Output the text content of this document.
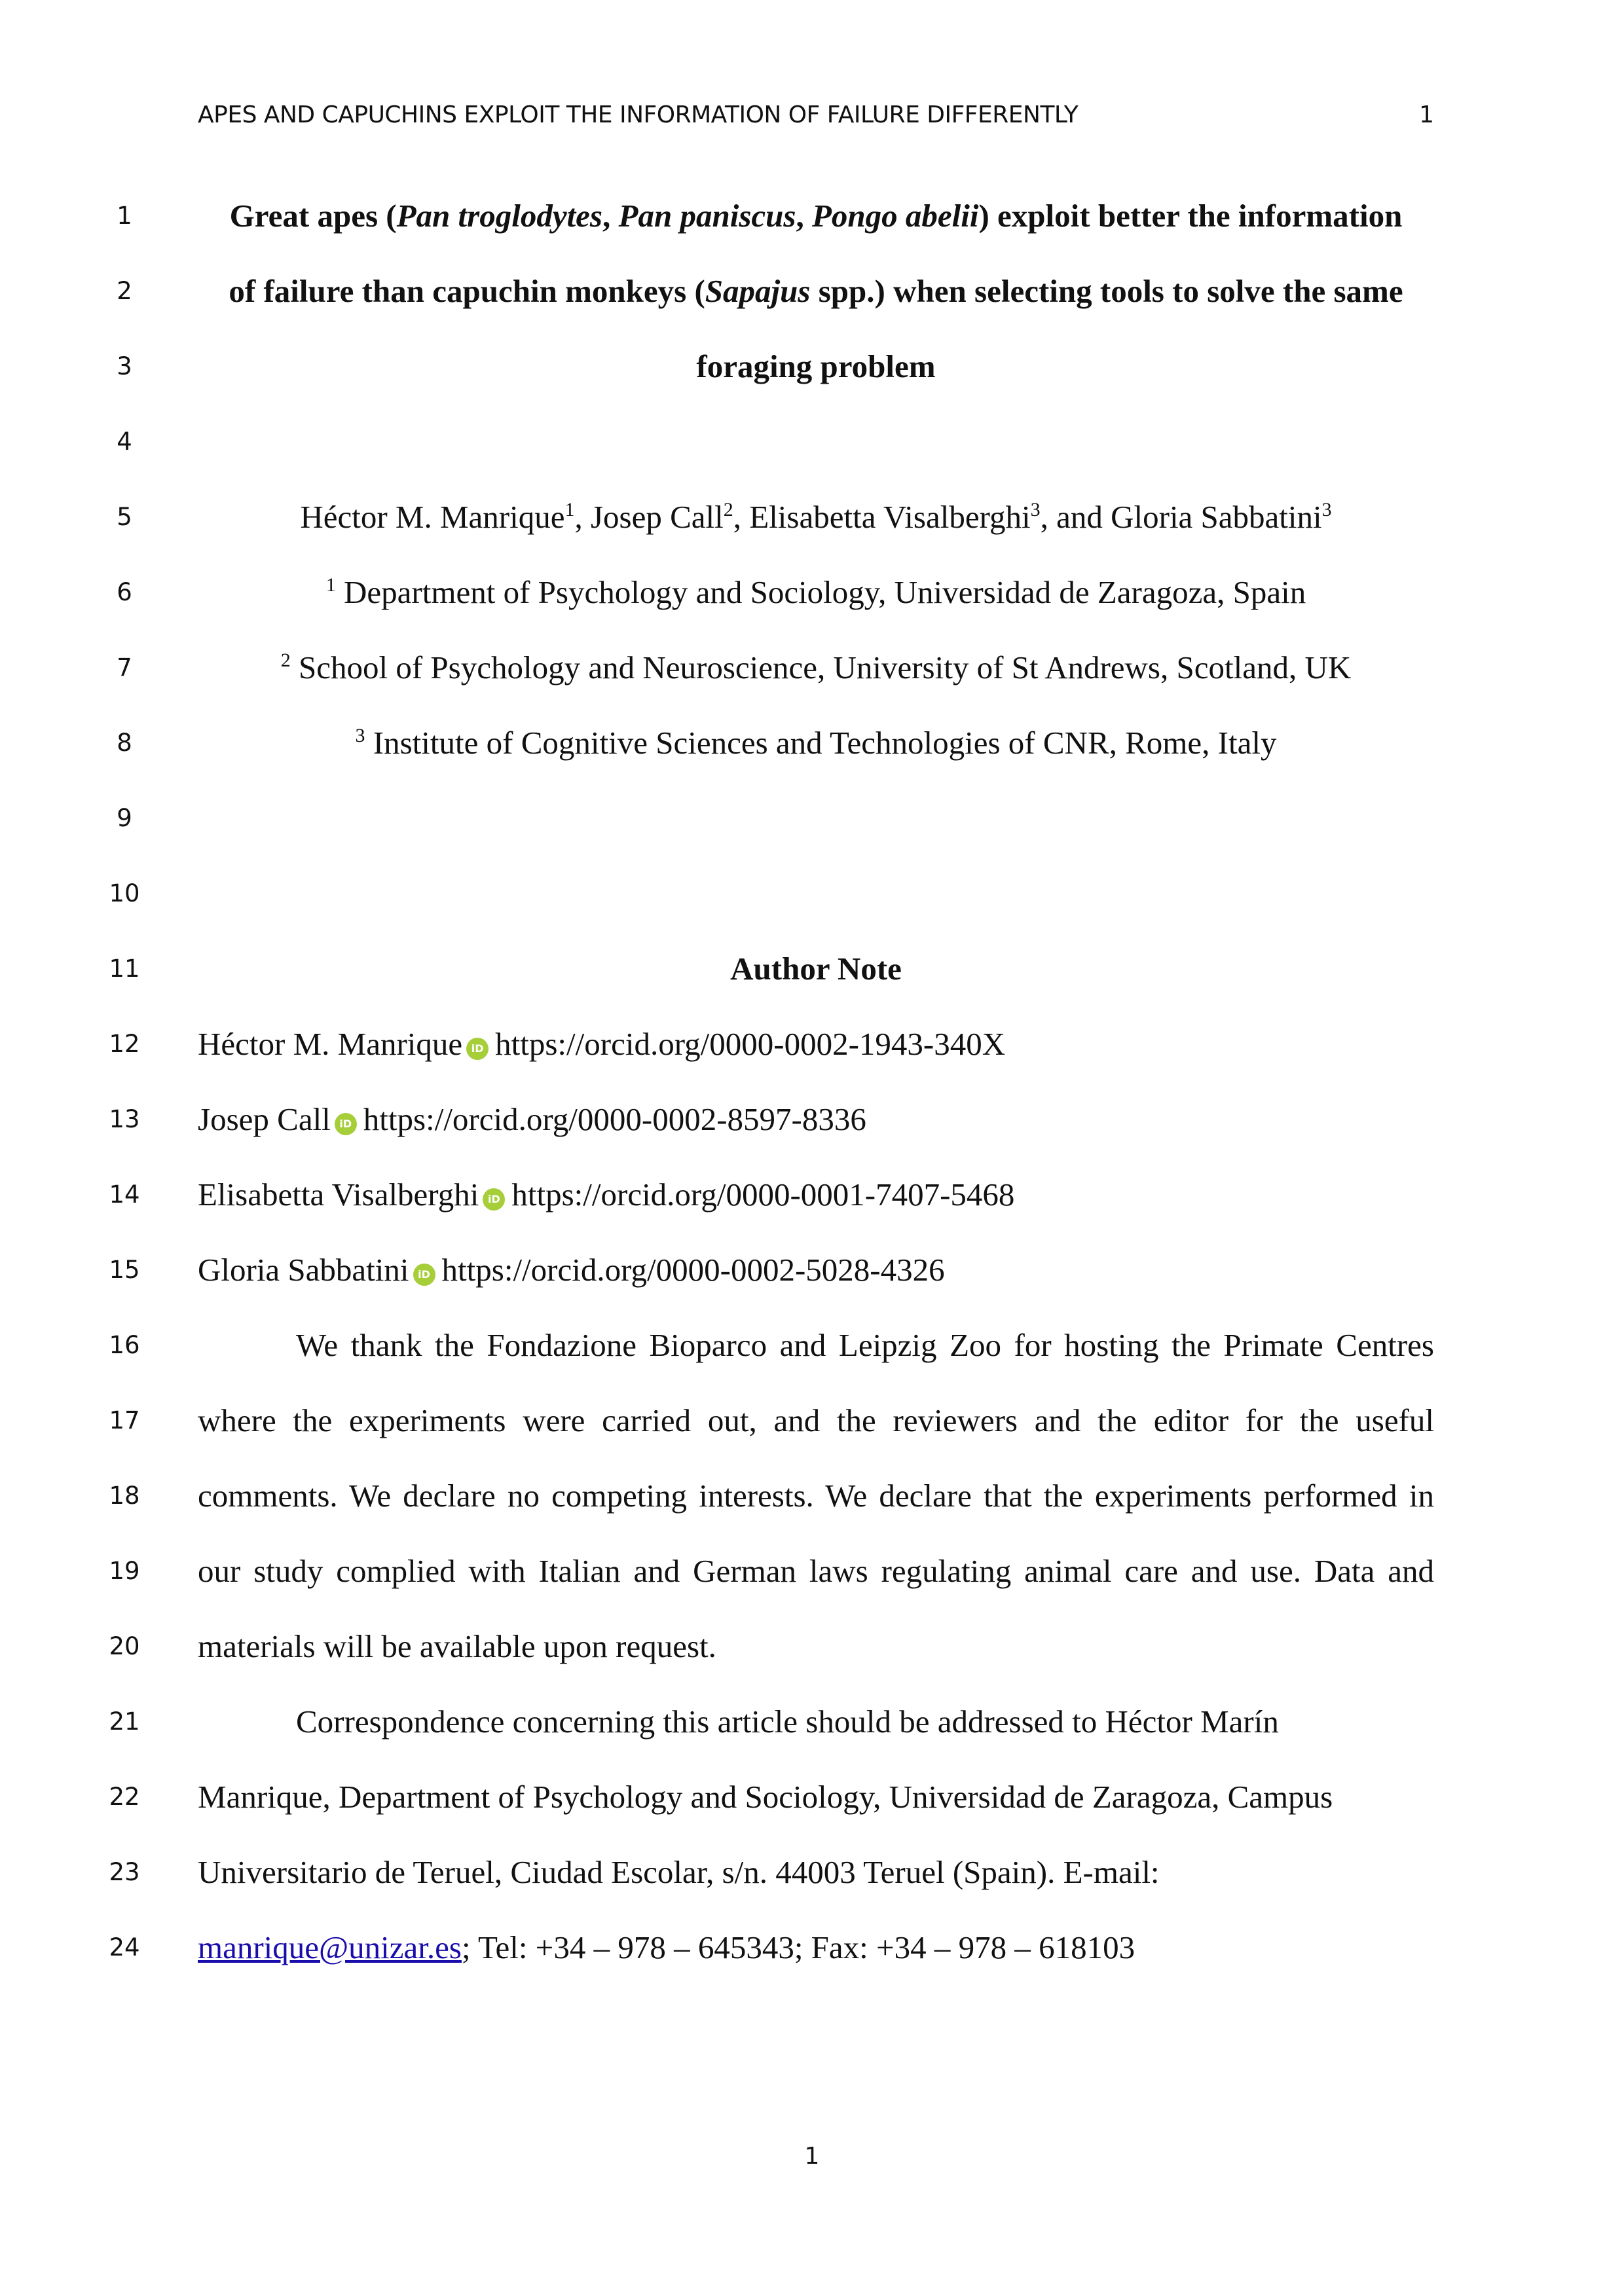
APES AND CAPUCHINS EXPLOIT THE INFORMATION OF FAILURE DIFFERENTLY	1
1	Great apes (Pan troglodytes, Pan paniscus, Pongo abelii) exploit better the information
2	of failure than capuchin monkeys (Sapajus spp.) when selecting tools to solve the same
3	foraging problem
4
5	Héctor M. Manrique$^1$, Josep Call$^2$, Elisabetta Visalberghi$^3$, and Gloria Sabbatini$^3$
6	$^1$ Department of Psychology and Sociology, Universidad de Zaragoza, Spain
7	$^2$ School of Psychology and Neuroscience, University of St Andrews, Scotland, UK
8	$^3$ Institute of Cognitive Sciences and Technologies of CNR, Rome, Italy
9
10
11	Author Note
12	Héctor M. Manrique iD https://orcid.org/0000-0002-1943-340X
13	Josep Call iD https://orcid.org/0000-0002-8597-8336
14	Elisabetta Visalberghi iD https://orcid.org/0000-0001-7407-5468
15	Gloria Sabbatini iD https://orcid.org/0000-0002-5028-4326
16	We thank the Fondazione Bioparco and Leipzig Zoo for hosting the Primate Centres
17	where the experiments were carried out, and the reviewers and the editor for the useful
18	comments. We declare no competing interests. We declare that the experiments performed in
19	our study complied with Italian and German laws regulating animal care and use. Data and
20	materials will be available upon request.
21	Correspondence concerning this article should be addressed to Héctor Marín
22	Manrique, Department of Psychology and Sociology, Universidad de Zaragoza, Campus
23	Universitario de Teruel, Ciudad Escolar, s/n. 44003 Teruel (Spain). E-mail:
24	manrique@unizar.es; Tel: +34 – 978 – 645343; Fax: +34 – 978 – 618103
1
